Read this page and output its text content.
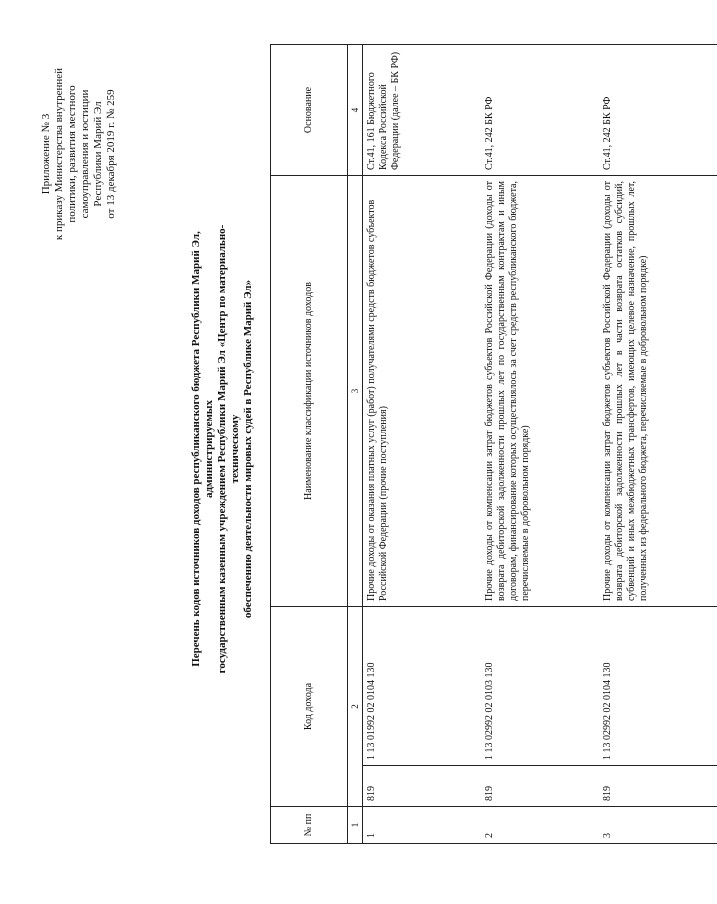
Приложение № 3 к приказу Министерства внутренней политики, развития местного самоуправления и юстиции Республики Марий Эл от 13 декабря 2019 г. № 259
Перечень кодов источников доходов республиканского бюджета Республики Марий Эл, администрируемых государственным казенным учреждением Республики Марий Эл «Центр по материально-техническому обеспечению деятельности мировых судей в Республике Марий Эл»
№ пп	Код дохода		Наименование классификации источников доходов	Основание
1	2		3	4
1	819	1 13 01992 02 0104 130	Прочие доходы от оказания платных услуг (работ) получателями средств бюджетов субъектов Российской Федерации (прочие поступления)	Ст.41, 161 Бюджетного Кодекса Российской Федерации (далее – БК РФ)
2	819	1 13 02992 02 0103 130	Прочие доходы от компенсации затрат бюджетов субъектов Российской Федерации (доходы от возврата дебиторской задолженности прошлых лет по государственным контрактам и иным договорам, финансирование которых осуществлялось за счет средств республиканского бюджета, перечисляемые в добровольном порядке)	Ст.41, 242 БК РФ
3	819	1 13 02992 02 0104 130	Прочие доходы от компенсации затрат бюджетов субъектов Российской Федерации (доходы от возврата дебиторской задолженности прошлых лет в части возврата остатков субсидий, субвенций и иных межбюджетных трансфертов, имеющих целевое назначение, прошлых лет, полученных из федерального бюджета, перечисляемые в добровольном порядке)	Ст.41, 242 БК РФ
